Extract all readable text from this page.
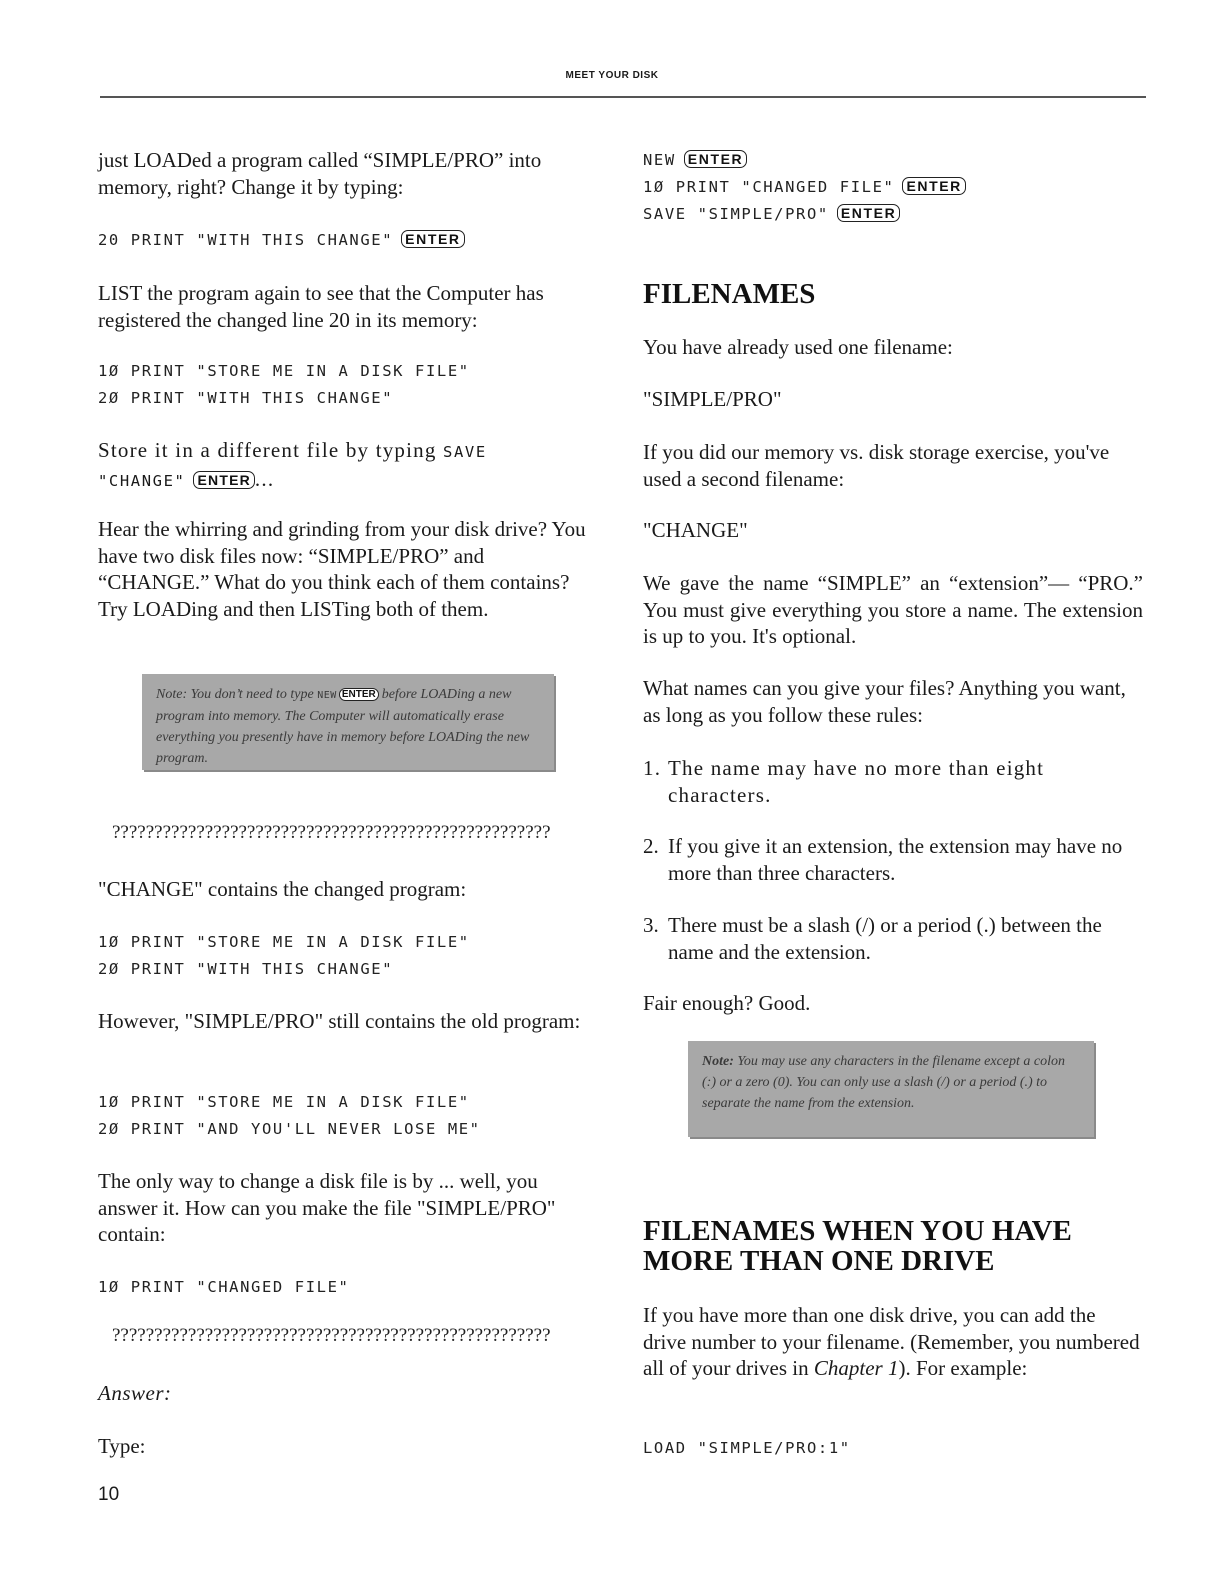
MEET YOUR DISK

just LOADed a program called “SIMPLE/PRO” into memory, right? Change it by typing:

20 PRINT "WITH THIS CHANGE" ENTER

LIST the program again to see that the Computer has registered the changed line 20 in its memory:

1Ø PRINT "STORE ME IN A DISK FILE"
2Ø PRINT "WITH THIS CHANGE"

Store it in a different file by typing SAVE
"CHANGE" ENTER ...

Hear the whirring and grinding from your disk drive? You have two disk files now: “SIMPLE/PRO” and “CHANGE.” What do you think each of them contains? Try LOADing and then LISTing both of them.

Note: You don’t need to type NEW ENTER before LOADing a new program into memory. The Computer will automatically erase everything you presently have in memory before LOADing the new program.

????????????????????????????????????????????????????

"CHANGE" contains the changed program:

1Ø PRINT "STORE ME IN A DISK FILE"
2Ø PRINT "WITH THIS CHANGE"

However, "SIMPLE/PRO" still contains the old program:

1Ø PRINT "STORE ME IN A DISK FILE"
2Ø PRINT "AND YOU'LL NEVER LOSE ME"

The only way to change a disk file is by ... well, you answer it. How can you make the file "SIMPLE/PRO" contain:

1Ø PRINT "CHANGED FILE"

????????????????????????????????????????????????????

Answer:

Type:

NEW ENTER
1Ø PRINT "CHANGED FILE" ENTER
SAVE "SIMPLE/PRO" ENTER
FILENAMES

You have already used one filename:

"SIMPLE/PRO"

If you did our memory vs. disk storage exercise, you've used a second filename:

"CHANGE"

We gave the name “SIMPLE” an “extension”— “PRO.” You must give everything you store a name. The extension is up to you. It's optional.

What names can you give your files? Anything you want, as long as you follow these rules:

1. The name may have no more than eight characters.
2. If you give it an extension, the extension may have no more than three characters.
3. There must be a slash (/) or a period (.) between the name and the extension.

Fair enough? Good.

Note: You may use any characters in the filename except a colon (:) or a zero (0). You can only use a slash (/) or a period (.) to separate the name from the extension.
FILENAMES WHEN YOU HAVE
MORE THAN ONE DRIVE

If you have more than one disk drive, you can add the drive number to your filename. (Remember, you numbered all of your drives in Chapter 1). For example:

LOAD "SIMPLE/PRO:1"
10
